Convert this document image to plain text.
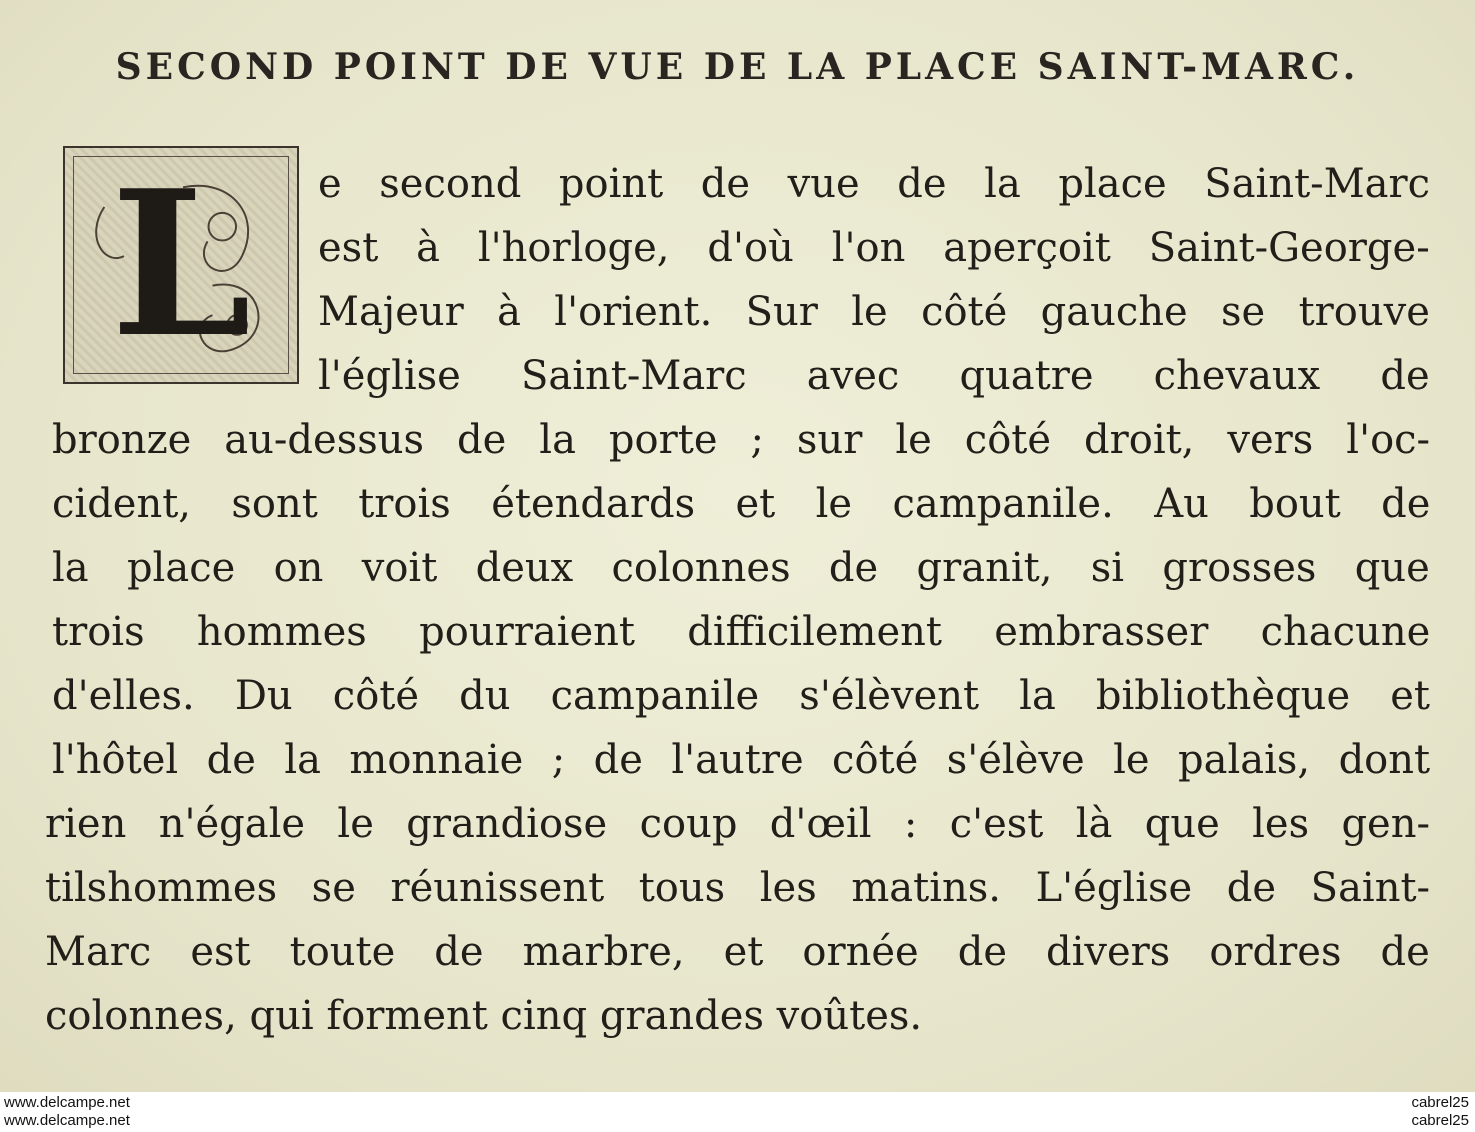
SECOND POINT DE VUE DE LA PLACE SAINT-MARC.
L	e second point de vue de la place Saint-Marc
est à l'horloge, d'où l'on aperçoit Saint-George-
Majeur à l'orient. Sur le côté gauche se trouve
l'église Saint-Marc avec quatre chevaux de
bronze au-dessus de la porte ; sur le côté droit, vers l'oc-
cident, sont trois étendards et le campanile. Au bout de
la place on voit deux colonnes de granit, si grosses que
trois hommes pourraient difficilement embrasser chacune
d'elles. Du côté du campanile s'élèvent la bibliothèque et
l'hôtel de la monnaie ; de l'autre côté s'élève le palais, dont
rien n'égale le grandiose coup d'œil : c'est là que les gen-
tilshommes se réunissent tous les matins. L'église de Saint-
Marc est toute de marbre, et ornée de divers ordres de
colonnes, qui forment cinq grandes voûtes.
www.delcampe.net
www.delcampe.net
cabrel25
cabrel25
